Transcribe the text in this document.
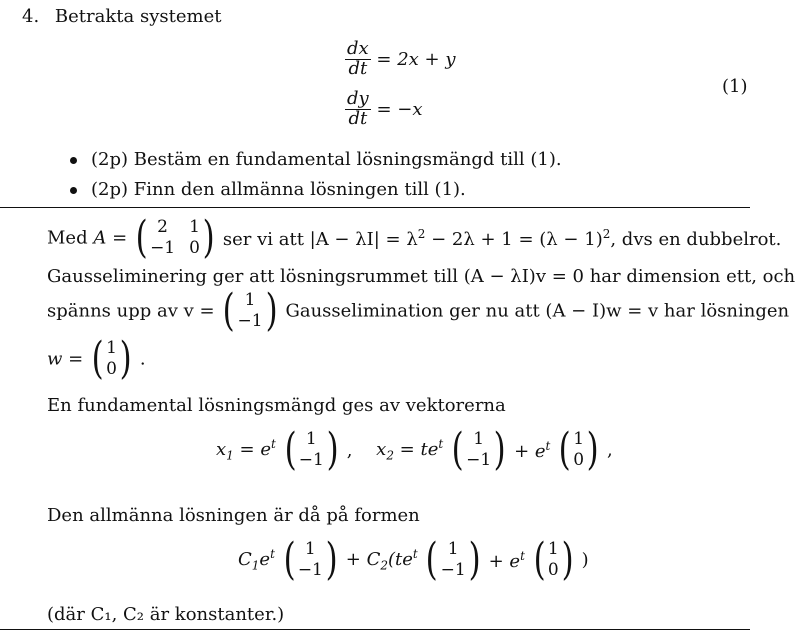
4. Betrakta systemet
$\frac{dx}{dt} = 2x + y$
$\frac{dy}{dt} = -x$
(1)
(2p) Bestäm en fundamental lösningsmängd till (1).
(2p) Finn den allmänna lösningen till (1).
Med A = ( 2	1
−1 0 ) ser vi att $|A - \lambda I| = \lambda^2 - 2\lambda + 1 = (\lambda - 1)^2$, dvs en dubbelrot.
Gausseliminering ger att lösningsrummet till (A − λI)v = 0 har dimension ett, och
spänns upp av v = ( 1
−1 ) Gausselimination ger nu att (A − I)w = v har lösningen
w = ( 1
0 ) .
En fundamental lösningsmängd ges av vektorerna
$x_1 = e^t$ ( 1
−1 ) , $x_2 = te^t$ ( 1
−1 ) + $e^t$ ( 1
0 ) ,
Den allmänna lösningen är då på formen
$C_1e^t$ ( 1
−1 ) + $C_2(te^t$ ( 1
−1 ) + $e^t$ ( 1
0 ) )
(där C₁, C₂ är konstanter.)
